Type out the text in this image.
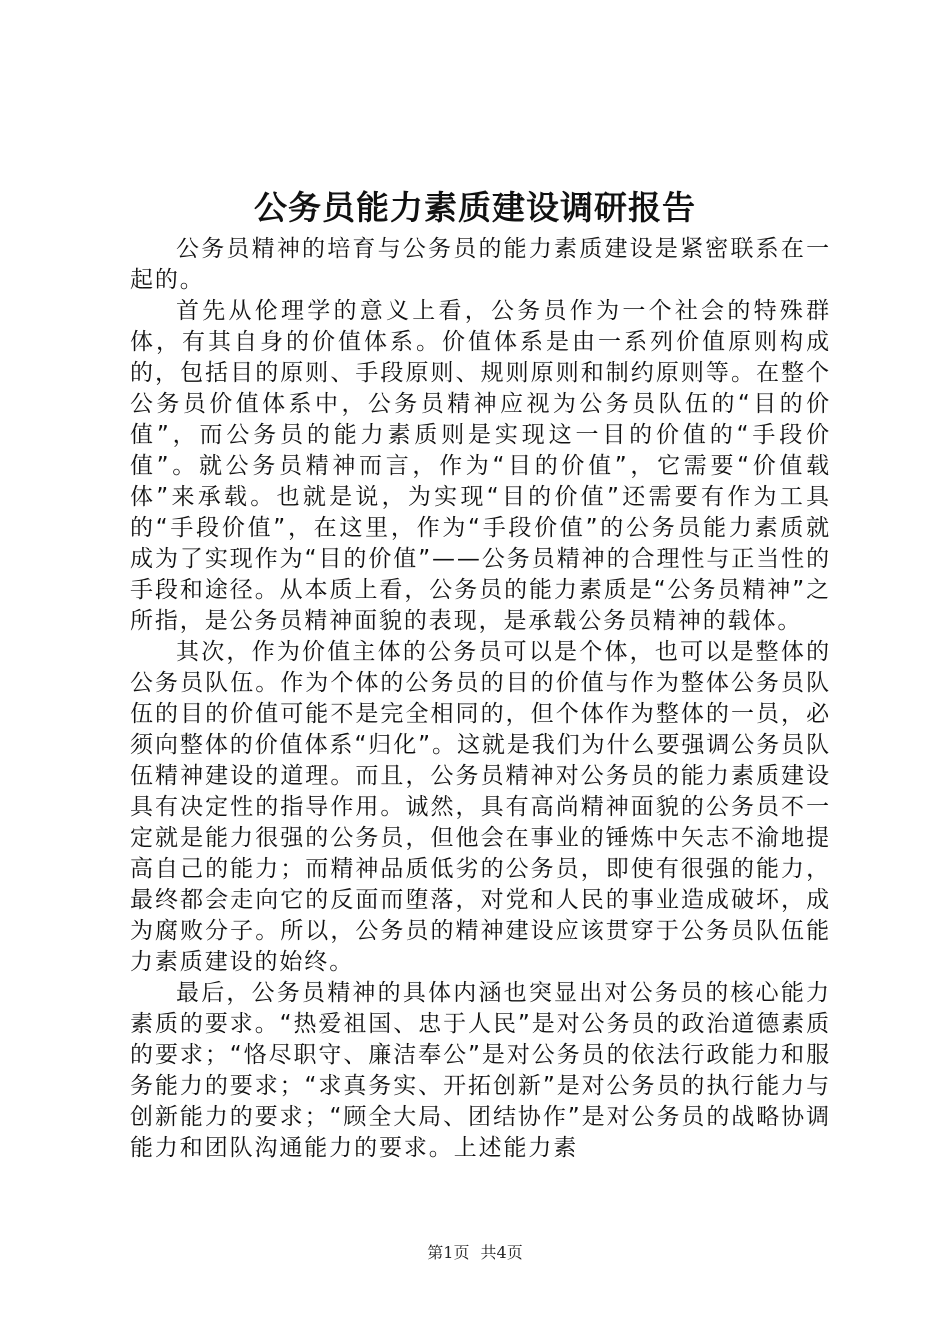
公务员能力素质建设调研报告

公务员精神的培育与公务员的能力素质建设是紧密联系在一起的。

首先从伦理学的意义上看，公务员作为一个社会的特殊群体，有其自身的价值体系。价值体系是由一系列价值原则构成的，包括目的原则、手段原则、规则原则和制约原则等。在整个公务员价值体系中，公务员精神应视为公务员队伍的“目的价值”，而公务员的能力素质则是实现这一目的价值的“手段价值”。就公务员精神而言，作为“目的价值”，它需要“价值载体”来承载。也就是说，为实现“目的价值”还需要有作为工具的“手段价值”，在这里，作为“手段价值”的公务员能力素质就成为了实现作为“目的价值”——公务员精神的合理性与正当性的手段和途径。从本质上看，公务员的能力素质是“公务员精神”之所指，是公务员精神面貌的表现，是承载公务员精神的载体。

其次，作为价值主体的公务员可以是个体，也可以是整体的公务员队伍。作为个体的公务员的目的价值与作为整体公务员队伍的目的价值可能不是完全相同的，但个体作为整体的一员，必须向整体的价值体系“归化”。这就是我们为什么要强调公务员队伍精神建设的道理。而且，公务员精神对公务员的能力素质建设具有决定性的指导作用。诚然，具有高尚精神面貌的公务员不一定就是能力很强的公务员，但他会在事业的锤炼中矢志不渝地提高自己的能力；而精神品质低劣的公务员，即使有很强的能力，最终都会走向它的反面而堕落，对党和人民的事业造成破坏，成为腐败分子。所以，公务员的精神建设应该贯穿于公务员队伍能力素质建设的始终。

最后，公务员精神的具体内涵也突显出对公务员的核心能力素质的要求。“热爱祖国、忠于人民”是对公务员的政治道德素质的要求；“恪尽职守、廉洁奉公”是对公务员的依法行政能力和服务能力的要求；“求真务实、开拓创新”是对公务员的执行能力与创新能力的要求；“顾全大局、团结协作”是对公务员的战略协调能力和团队沟通能力的要求。上述能力素

第1页 共4页
